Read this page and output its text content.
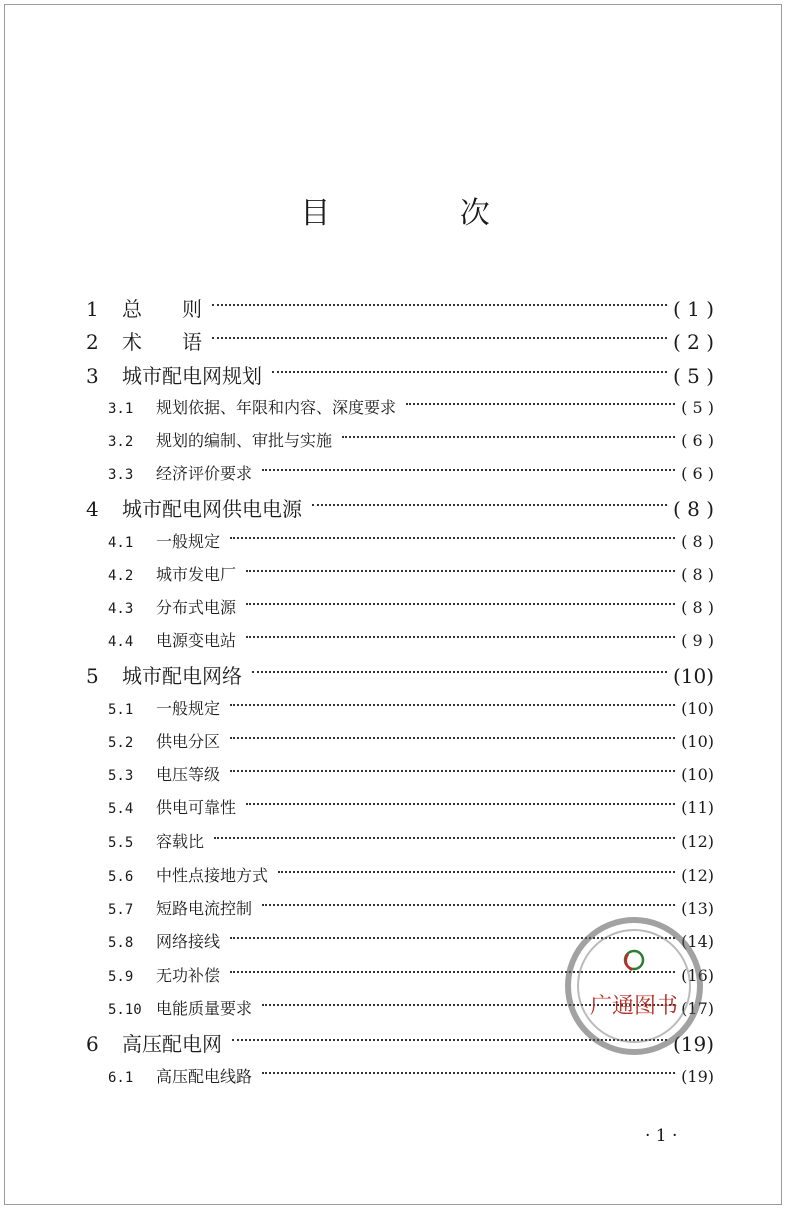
目 次
1	总　　则	( 1 )
2	术　　语	( 2 )
3	城市配电网规划	( 5 )
3.1	规划依据、年限和内容、深度要求	( 5 )
3.2	规划的编制、审批与实施	( 6 )
3.3	经济评价要求	( 6 )
4	城市配电网供电电源	( 8 )
4.1	一般规定	( 8 )
4.2	城市发电厂	( 8 )
4.3	分布式电源	( 8 )
4.4	电源变电站	( 9 )
5	城市配电网络	(10)
5.1	一般规定	(10)
5.2	供电分区	(10)
5.3	电压等级	(10)
5.4	供电可靠性	(11)
5.5	容载比	(12)
5.6	中性点接地方式	(12)
5.7	短路电流控制	(13)
5.8	网络接线	(14)
5.9	无功补偿	(16)
5.10 电能质量要求	(17)
6	高压配电网	(19)
6.1	高压配电线路	(19)
广通图书
· 1 ·
